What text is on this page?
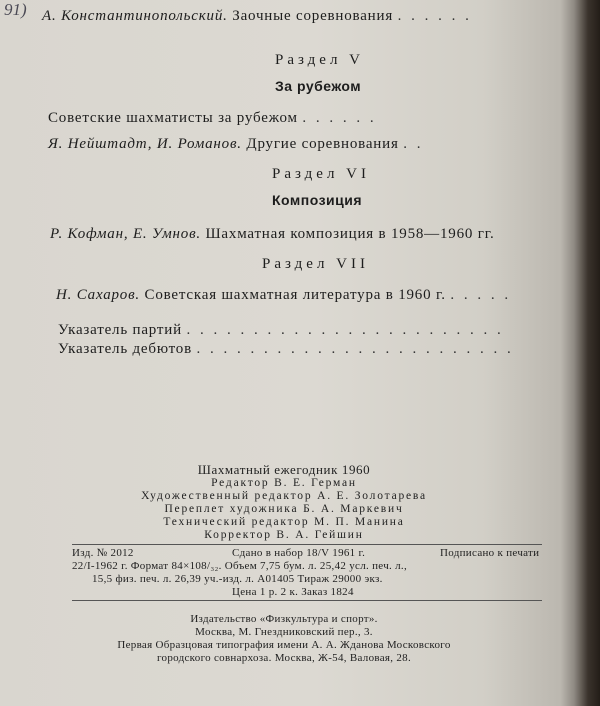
91) А. Константинопольский. Заочные соревнования . . . . . .
Раздел V
За рубежом
Советские шахматисты за рубежом . . . . . .
Я. Нейштадт, И. Романов. Другие соревнования . .
Раздел VI
Композиция
Р. Кофман, Е. Умнов. Шахматная композиция в 1958—1960 гг.
Раздел VII
Н. Сахаров. Советская шахматная литература в 1960 г. . . . . .
Указатель партий . . . . . . . . . . . . . . . . . . . . . . . .
Указатель дебютов . . . . . . . . . . . . . . . . . . . . . . . .
Шахматный ежегодник 1960
Редактор В. Е. Герман
Художественный редактор А. Е. Золотарева
Переплет художника Б. А. Маркевич
Технический редактор М. П. Манина
Корректор В. А. Гейшин
Изд. № 2012	Сдано в набор 18/V 1961 г.	Подписано к печати
22/I-1962 г. Формат 84×108/₃₂. Объем 7,75 бум. л. 25,42 усл. печ. л.,
15,5 физ. печ. л. 26,39 уч.-изд. л. А01405 Тираж 29000 экз.
Цена 1 р. 2 к. Заказ 1824
Издательство «Физкультура и спорт».
Москва, М. Гнездниковский пер., 3.
Первая Образцовая типография имени А. А. Жданова Московского
городского совнархоза. Москва, Ж-54, Валовая, 28.
